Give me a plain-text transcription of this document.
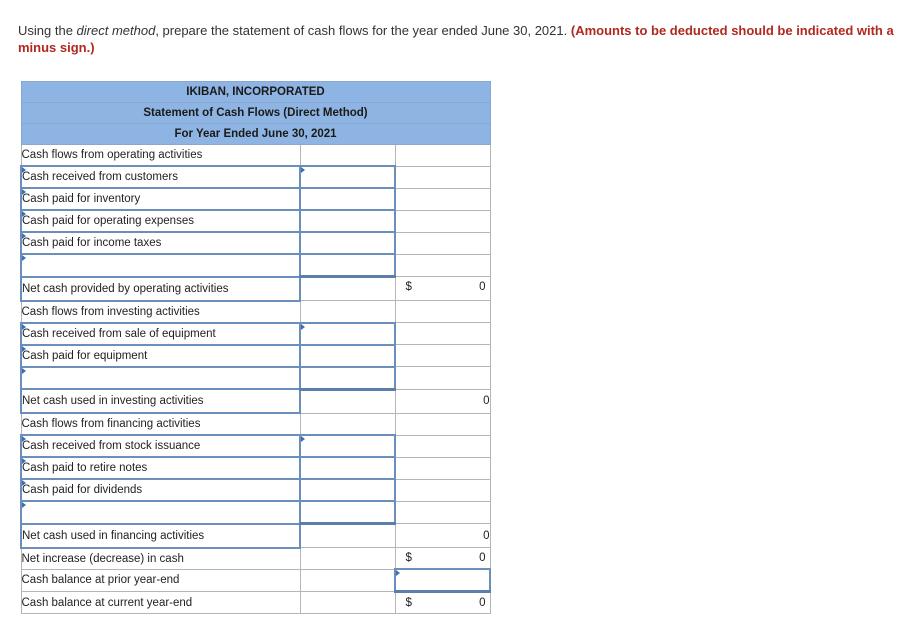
Using the direct method, prepare the statement of cash flows for the year ended June 30, 2021. (Amounts to be deducted should be indicated with a minus sign.)
IKIBAN, INCORPORATED		
Statement of Cash Flows (Direct Method)		
For Year Ended June 30, 2021		
Cash flows from operating activities		

Cash received from customers	

Cash paid for inventory		

Cash paid for operating expenses		

Cash paid for income taxes		

Net cash provided by operating activities		$ 0

Cash flows from investing activities		

Cash received from sale of equipment	

Cash paid for equipment		

Net cash used in investing activities		0
Cash flows from financing activities		

Cash received from stock issuance	

Cash paid to retire notes		

Cash paid for dividends		

Net cash used in financing activities		0
Net increase (decrease) in cash		$ 0

Cash balance at prior year-end		

Cash balance at current year-end		$ 0
